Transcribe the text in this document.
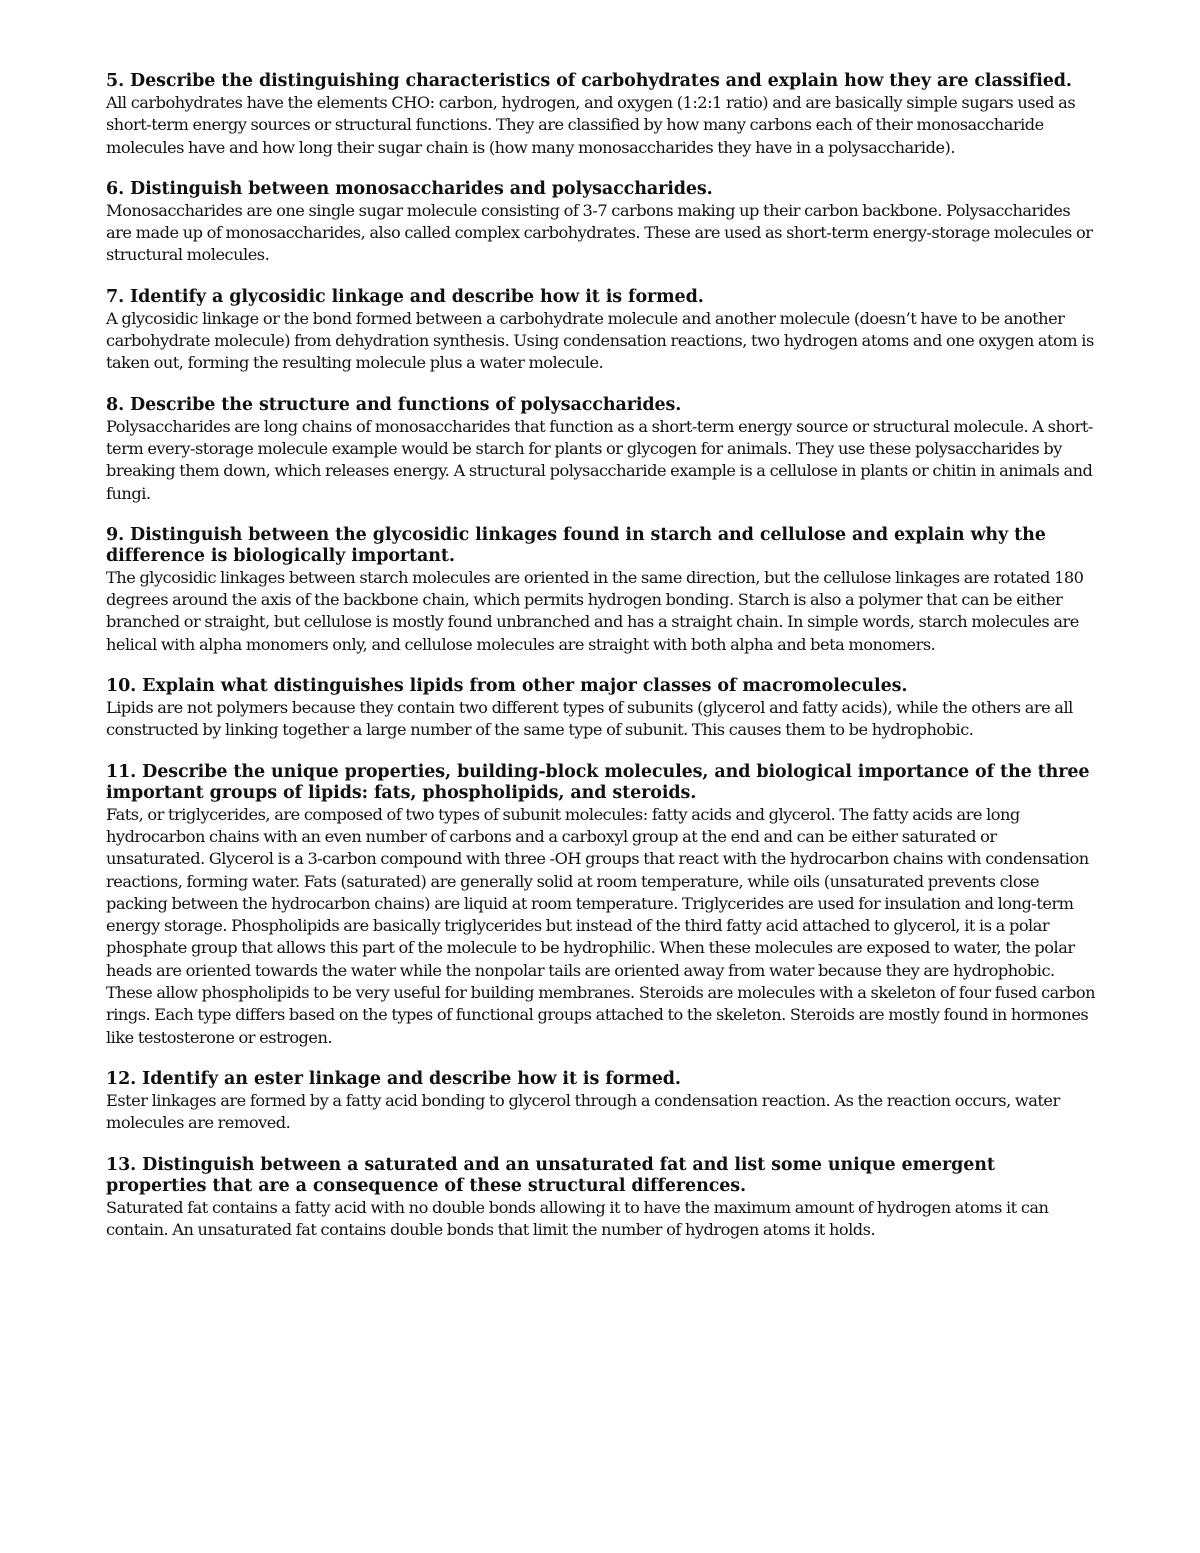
5. Describe the distinguishing characteristics of carbohydrates and explain how they are classified.

All carbohydrates have the elements CHO: carbon, hydrogen, and oxygen (1:2:1 ratio) and are basically simple sugars used as short-term energy sources or structural functions. They are classified by how many carbons each of their monosaccharide molecules have and how long their sugar chain is (how many monosaccharides they have in a polysaccharide).

6. Distinguish between monosaccharides and polysaccharides.

Monosaccharides are one single sugar molecule consisting of 3-7 carbons making up their carbon backbone. Polysaccharides are made up of monosaccharides, also called complex carbohydrates. These are used as short-term energy-storage molecules or structural molecules.

7. Identify a glycosidic linkage and describe how it is formed.

A glycosidic linkage or the bond formed between a carbohydrate molecule and another molecule (doesn’t have to be another carbohydrate molecule) from dehydration synthesis. Using condensation reactions, two hydrogen atoms and one oxygen atom is taken out, forming the resulting molecule plus a water molecule.

8. Describe the structure and functions of polysaccharides.

Polysaccharides are long chains of monosaccharides that function as a short-term energy source or structural molecule. A short-term every-storage molecule example would be starch for plants or glycogen for animals. They use these polysaccharides by breaking them down, which releases energy. A structural polysaccharide example is a cellulose in plants or chitin in animals and fungi.

9. Distinguish between the glycosidic linkages found in starch and cellulose and explain why the difference is biologically important.

The glycosidic linkages between starch molecules are oriented in the same direction, but the cellulose linkages are rotated 180 degrees around the axis of the backbone chain, which permits hydrogen bonding. Starch is also a polymer that can be either branched or straight, but cellulose is mostly found unbranched and has a straight chain. In simple words, starch molecules are helical with alpha monomers only, and cellulose molecules are straight with both alpha and beta monomers.

10. Explain what distinguishes lipids from other major classes of macromolecules.

Lipids are not polymers because they contain two different types of subunits (glycerol and fatty acids), while the others are all constructed by linking together a large number of the same type of subunit. This causes them to be hydrophobic.

11. Describe the unique properties, building-block molecules, and biological importance of the three important groups of lipids: fats, phospholipids, and steroids.

Fats, or triglycerides, are composed of two types of subunit molecules: fatty acids and glycerol. The fatty acids are long hydrocarbon chains with an even number of carbons and a carboxyl group at the end and can be either saturated or unsaturated. Glycerol is a 3-carbon compound with three -OH groups that react with the hydrocarbon chains with condensation reactions, forming water. Fats (saturated) are generally solid at room temperature, while oils (unsaturated prevents close packing between the hydrocarbon chains) are liquid at room temperature. Triglycerides are used for insulation and long-term energy storage. Phospholipids are basically triglycerides but instead of the third fatty acid attached to glycerol, it is a polar phosphate group that allows this part of the molecule to be hydrophilic. When these molecules are exposed to water, the polar heads are oriented towards the water while the nonpolar tails are oriented away from water because they are hydrophobic. These allow phospholipids to be very useful for building membranes. Steroids are molecules with a skeleton of four fused carbon rings. Each type differs based on the types of functional groups attached to the skeleton. Steroids are mostly found in hormones like testosterone or estrogen.

12. Identify an ester linkage and describe how it is formed.

Ester linkages are formed by a fatty acid bonding to glycerol through a condensation reaction. As the reaction occurs, water molecules are removed.

13. Distinguish between a saturated and an unsaturated fat and list some unique emergent properties that are a consequence of these structural differences.

Saturated fat contains a fatty acid with no double bonds allowing it to have the maximum amount of hydrogen atoms it can contain. An unsaturated fat contains double bonds that limit the number of hydrogen atoms it holds.
